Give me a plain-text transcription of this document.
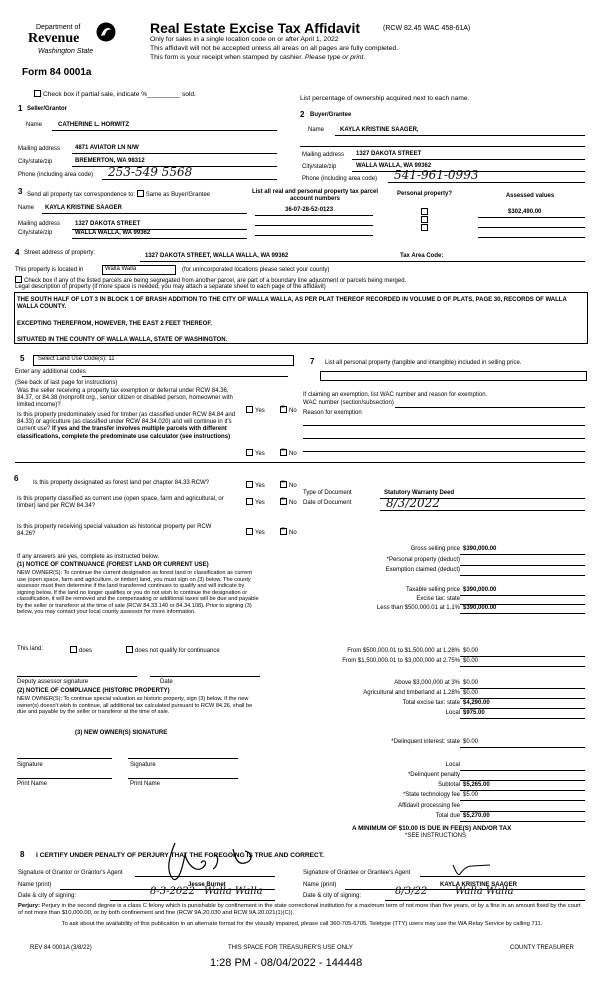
Department of
Revenue
Washington State
Form 84 0001a
Real Estate Excise Tax Affidavit	(RCW 82.45 WAC 458-61A)
Only for sales in a single location code on or after April 1, 2022
This affidavit will not be accepted unless all areas on all pages are fully completed.
This form is your receipt when stamped by cashier. Please type or print.
Check box if partial sale, indicate %_________ sold.
List percentage of ownership acquired next to each name.
1 Seller/Grantor
Name	CATHERINE L. HORWITZ
Mailing address 4871 AVIATOR LN N/W
City/state/zip	BREMERTON, WA 98312
Phone (including area code) 253-549 5568
2 Buyer/Grantee
Name	KAYLA KRISTINE SAAGER,
Mailing address 1327 DAKOTA STREET
City/state/zip	WALLA WALLA, WA 99362
Phone (including area code) 541-961-0993
3 Send all property tax correspondence to: Same as Buyer/Grantee
Name KAYLA KRISTINE SAAGER
Mailing address 1327 DAKOTA STREET
City/state/zip	WALLA WALLA, WA 99362
List all real and personal property tax parcel account numbers
36-07-28-52-0123
Personal property?	Assessed values
$302,490.00
4 Street address of property:	1327 DAKOTA STREET, WALLA WALLA, WA 99362	Tax Area Code:
This property is located in	Walla Walla	(for unincorporated locations please select your county)
Check box if any of the listed parcels are being segregated from another parcel, are part of a boundary line adjustment or parcels being merged.
Legal description of property (if more space is needed, you may attach a separate sheet to each page of the affidavit)
THE SOUTH HALF OF LOT 3 IN BLOCK 1 OF BRASH ADDITION TO THE CITY OF WALLA WALLA, AS PER PLAT THEREOF RECORDED IN VOLUME D OF PLATS, PAGE 30, RECORDS OF WALLA WALLA COUNTY.
EXCEPTING THEREFROM, HOWEVER, THE EAST 2 FEET THEREOF.
SITUATED IN THE COUNTY OF WALLA WALLA, STATE OF WASHINGTON.
5	Select Land Use Code(s): 11
Enter any additional codes
(See back of last page for instructions)
Was the seller receiving a property tax exemption or deferral under RCW 84.36, 84.37, or 84.38 (nonprofit org., senior citizen or disabled person, homeowner with limited income)?
Yes ×	No
Is this property predominately used for timber (as classified under RCW 84.84 and 84.33) or agriculture (as classified under RCW 84.34.020) and will continue in it's current use? If yes and the transfer involves multiple parcels with different classifications, complete the predominate use calculator (see instructions)
Yes ×	No
7 List all personal property (tangible and intangible) included in selling price.
If claiming an exemption, list WAC number and reason for exemption.
WAC number (section/subsection)
Reason for exemption
6 Is this property designated as forest land per chapter 84.33 RCW?	Yes ×	No
Is this property classified as current use (open space, farm and agricultural, or timber) land per RCW 84.34?
Yes ×	No
Is this property receiving special valuation as historical property per RCW 84.26?	Yes ×	No
If any answers are yes, complete as instructed below.
(1) NOTICE OF CONTINUANCE (FOREST LAND OR CURRENT USE)
NEW OWNER(S): To continue the current designation as forest land or classification as current use (open space, farm and agriculture, or timber) land, you must sign on (3) below. The county assessor must then determine if the land transferred continues to qualify and will indicate by signing below. If the land no longer qualifies or you do not wish to continue the designation or classification, it will be removed and the compensating or additional taxes will be due and payable by the seller or transferor at the time of sale (RCW 84.33.140 or 84.34.108). Prior to signing (3) below, you may contact your local county assessor for more information.
This land:	does	does not qualify for continuance
Deputy assessor signature	Date
(2) NOTICE OF COMPLIANCE (HISTORIC PROPERTY)
NEW OWNER(S): To continue special valuation as historic property, sign (3) below. If the new owner(s) doesn't wish to continue, all additional tax calculated pursuant to RCW 84.26, shall be due and payable by the seller or transferor at the time of sale.
(3) NEW OWNER(S) SIGNATURE
Signature	Signature
Print Name	Print Name
Type of Document	Statutory Warranty Deed
Date of Document	8/3/2022
Gross selling price $390,000.00
*Personal property (deduct)
Exemption claimed (deduct)
Taxable selling price $390,000.00
Excise tax: state
Less than $500,000.01 at 1.1% $390,000.00
From $500,000.01 to $1,500,000 at 1.28% $0.00
From $1,500,000.01 to $3,000,000 at 2.75% $0.00
Above $3,000,000 at 3% $0.00
Agricultural and timberland at 1.28% $0.00
Total excise tax: state $4,290.00
Local $975.00
*Delinquent interest: state $0.00
Local
*Delinquent penalty
Subtotal $5,265.00
*State technology fee $5.00
Affidavit processing fee
Total due $5,270.00
A MINIMUM OF $10.00 IS DUE IN FEE(S) AND/OR TAX
*SEE INSTRUCTIONS
8 I CERTIFY UNDER PENALTY OF PERJURY THAT THE FOREGOING IS TRUE AND CORRECT.
Signature of Grantor or Grantor's Agent
Name (print)	Jesse Burnet
Date & city of signing:	8-3-2022 Walla Walla
Signature of Grantee or Grantee's Agent
Name (print)	KAYLA KRISTINE SAAGER
Date & city of signing:	8/3/22	Walla Walla
Perjury: Perjury in the second degree is a class C felony which is punishable by confinement in the state correctional institution for a maximum term of not more than five years, or by a fine in an amount fixed by the court of not more than $10,000.00, or by both confinement and fine (RCW 9A.20.030 and RCW 9A.20.021(1)(C)).
To ask about the availability of this publication in an alternate format for the visually impaired, please call 360-705-6705. Teletype (TTY) users may use the WA Relay Service by calling 711.
REV 84 0001A (3/8/22)	THIS SPACE FOR TREASURER'S USE ONLY	COUNTY TREASURER
1:28 PM - 08/04/2022 - 144448
